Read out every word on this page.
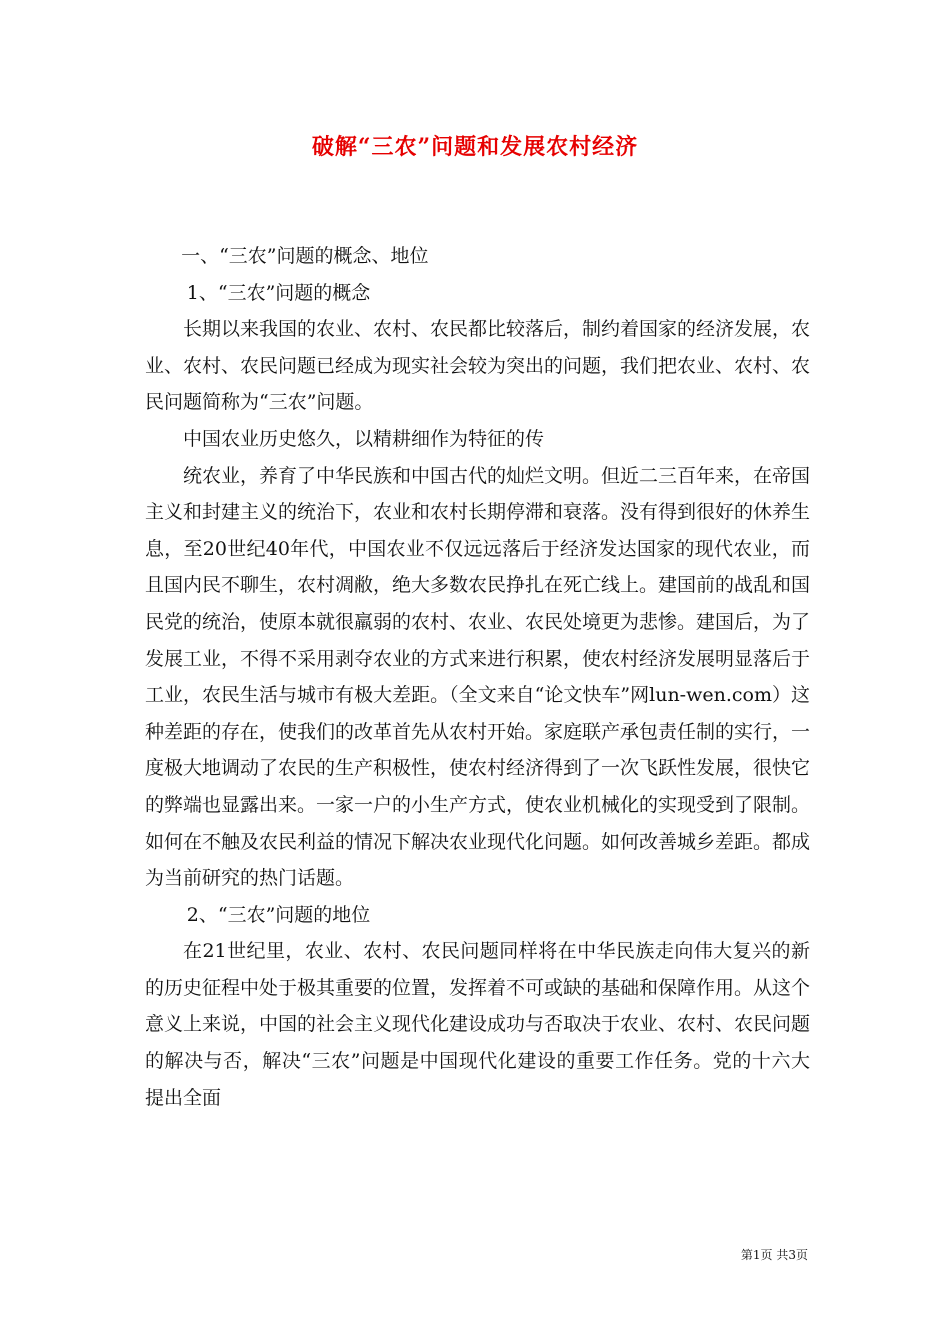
破解“三农”问题和发展农村经济

一、“三农”问题的概念、地位

1、“三农”问题的概念

长期以来我国的农业、农村、农民都比较落后，制约着国家的经济发展，农业、农村、农民问题已经成为现实社会较为突出的问题，我们把农业、农村、农民问题简称为“三农”问题。

中国农业历史悠久，以精耕细作为特征的传

统农业，养育了中华民族和中国古代的灿烂文明。但近二三百年来，在帝国主义和封建主义的统治下，农业和农村长期停滞和衰落。没有得到很好的休养生息，至20世纪40年代，中国农业不仅远远落后于经济发达国家的现代农业，而且国内民不聊生，农村凋敝，绝大多数农民挣扎在死亡线上。建国前的战乱和国民党的统治，使原本就很羸弱的农村、农业、农民处境更为悲惨。建国后，为了发展工业，不得不采用剥夺农业的方式来进行积累，使农村经济发展明显落后于工业，农民生活与城市有极大差距。（全文来自“论文快车”网lun-wen.com）这种差距的存在，使我们的改革首先从农村开始。家庭联产承包责任制的实行，一度极大地调动了农民的生产积极性，使农村经济得到了一次飞跃性发展，很快它的弊端也显露出来。一家一户的小生产方式，使农业机械化的实现受到了限制。如何在不触及农民利益的情况下解决农业现代化问题。如何改善城乡差距。都成为当前研究的热门话题。

2、“三农”问题的地位

在21世纪里，农业、农村、农民问题同样将在中华民族走向伟大复兴的新的历史征程中处于极其重要的位置，发挥着不可或缺的基础和保障作用。从这个意义上来说，中国的社会主义现代化建设成功与否取决于农业、农村、农民问题的解决与否，解决“三农”问题是中国现代化建设的重要工作任务。党的十六大提出全面

第1页 共3页
